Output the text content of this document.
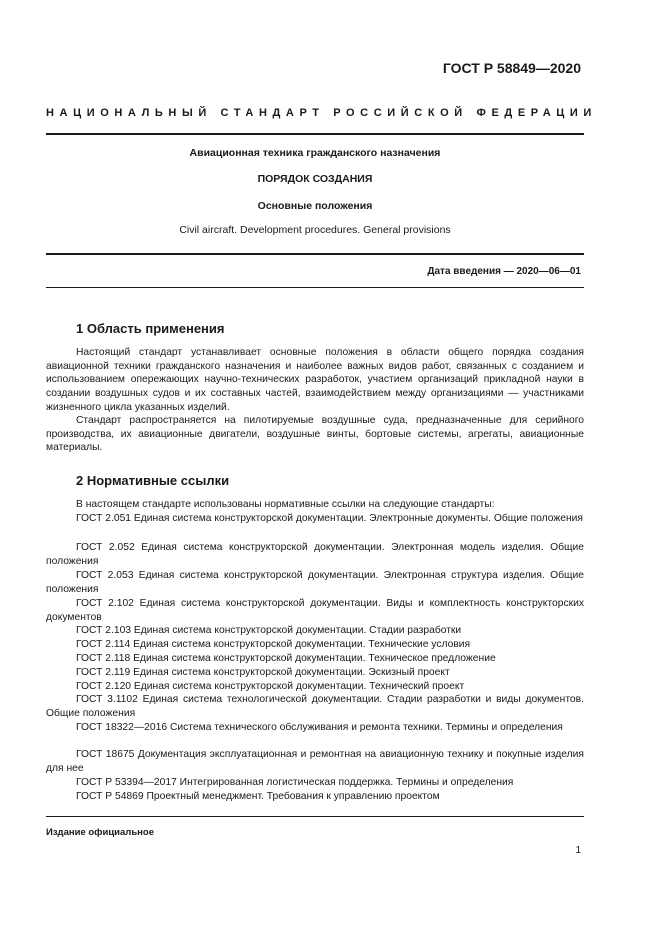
ГОСТ Р 58849—2020
НАЦИОНАЛЬНЫЙ СТАНДАРТ РОССИЙСКОЙ ФЕДЕРАЦИИ
Авиационная техника гражданского назначения
ПОРЯДОК СОЗДАНИЯ
Основные положения
Civil aircraft. Development procedures. General provisions
Дата введения — 2020—06—01
1 Область применения
Настоящий стандарт устанавливает основные положения в области общего порядка создания авиационной техники гражданского назначения и наиболее важных видов работ, связанных с созданием и использованием опережающих научно-технических разработок, участием организаций прикладной науки в создании воздушных судов и их составных частей, взаимодействием между организациями — участниками жизненного цикла указанных изделий.
Стандарт распространяется на пилотируемые воздушные суда, предназначенные для серийного производства, их авиационные двигатели, воздушные винты, бортовые системы, агрегаты, авиационные материалы.
2 Нормативные ссылки
В настоящем стандарте использованы нормативные ссылки на следующие стандарты:
ГОСТ 2.051 Единая система конструкторской документации. Электронные документы. Общие положения
ГОСТ 2.052 Единая система конструкторской документации. Электронная модель изделия. Общие положения
ГОСТ 2.053 Единая система конструкторской документации. Электронная структура изделия. Общие положения
ГОСТ 2.102 Единая система конструкторской документации. Виды и комплектность конструкторских документов
ГОСТ 2.103 Единая система конструкторской документации. Стадии разработки
ГОСТ 2.114 Единая система конструкторской документации. Технические условия
ГОСТ 2.118 Единая система конструкторской документации. Техническое предложение
ГОСТ 2.119 Единая система конструкторской документации. Эскизный проект
ГОСТ 2.120 Единая система конструкторской документации. Технический проект
ГОСТ 3.1102 Единая система технологической документации. Стадии разработки и виды документов. Общие положения
ГОСТ 18322—2016 Система технического обслуживания и ремонта техники. Термины и определения
ГОСТ 18675 Документация эксплуатационная и ремонтная на авиационную технику и покупные изделия для нее
ГОСТ Р 53394—2017 Интегрированная логистическая поддержка. Термины и определения
ГОСТ Р 54869 Проектный менеджмент. Требования к управлению проектом
Издание официальное
1
